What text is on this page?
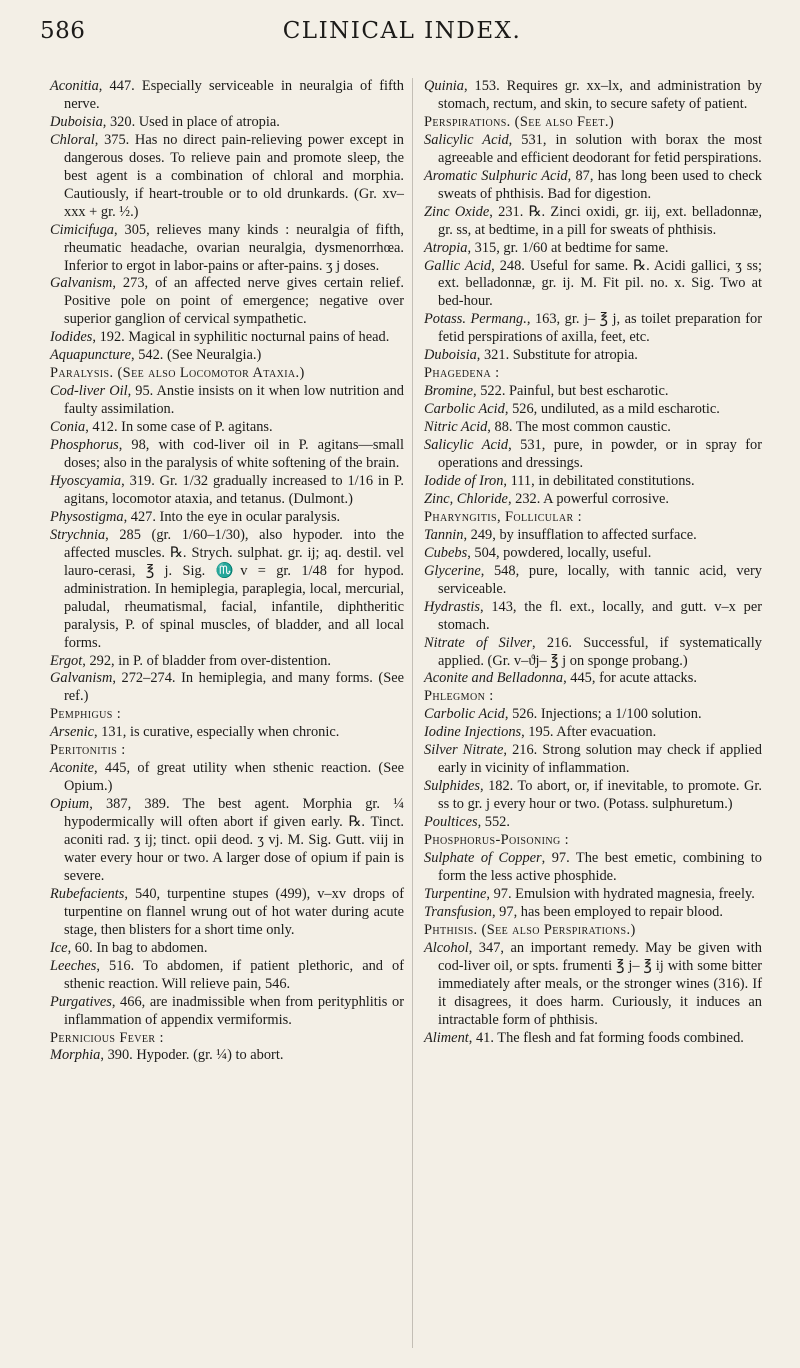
586	CLINICAL INDEX.

Aconitia, 447. Especially serviceable in neuralgia of fifth nerve.

Duboisia, 320. Used in place of atropia.

Chloral, 375. Has no direct pain-relieving power except in dangerous doses. To relieve pain and promote sleep, the best agent is a combination of chloral and morphia. Cautiously, if heart-trouble or to old drunkards. (Gr. xv–xxx + gr. ½.)

Cimicifuga, 305, relieves many kinds : neuralgia of fifth, rheumatic headache, ovarian neuralgia, dysmenorrhœa. Inferior to ergot in labor-pains or after-pains. ʒ j doses.

Galvanism, 273, of an affected nerve gives certain relief. Positive pole on point of emergence; negative over superior ganglion of cervical sympathetic.

Iodides, 192. Magical in syphilitic nocturnal pains of head.

Aquapuncture, 542. (See Neuralgia.)

Paralysis. (See also Locomotor Ataxia.)

Cod-liver Oil, 95. Anstie insists on it when low nutrition and faulty assimilation.

Conia, 412. In some case of P. agitans.

Phosphorus, 98, with cod-liver oil in P. agitans—small doses; also in the paralysis of white softening of the brain.

Hyoscyamia, 319. Gr. 1/32 gradually increased to 1/16 in P. agitans, locomotor ataxia, and tetanus. (Dulmont.)

Physostigma, 427. Into the eye in ocular paralysis.

Strychnia, 285 (gr. 1/60–1/30), also hypoder. into the affected muscles. ℞. Strych. sulphat. gr. ij; aq. destil. vel lauro-cerasi, ℥ j. Sig. ♏v = gr. 1/48 for hypod. administration. In hemiplegia, paraplegia, local, mercurial, paludal, rheumatismal, facial, infantile, diphtheritic paralysis, P. of spinal muscles, of bladder, and all local forms.

Ergot, 292, in P. of bladder from over-distention.

Galvanism, 272–274. In hemiplegia, and many forms. (See ref.)

Pemphigus :

Arsenic, 131, is curative, especially when chronic.

Peritonitis :

Aconite, 445, of great utility when sthenic reaction. (See Opium.)

Opium, 387, 389. The best agent. Morphia gr. ¼ hypodermically will often abort if given early. ℞. Tinct. aconiti rad. ʒ ij; tinct. opii deod. ʒ vj. M. Sig. Gutt. viij in water every hour or two. A larger dose of opium if pain is severe.

Rubefacients, 540, turpentine stupes (499), v–xv drops of turpentine on flannel wrung out of hot water during acute stage, then blisters for a short time only.

Ice, 60. In bag to abdomen.

Leeches, 516. To abdomen, if patient plethoric, and of sthenic reaction. Will relieve pain, 546.

Purgatives, 466, are inadmissible when from perityphlitis or inflammation of appendix vermiformis.

Pernicious Fever :

Morphia, 390. Hypoder. (gr. ¼) to abort.

Quinia, 153. Requires gr. xx–lx, and administration by stomach, rectum, and skin, to secure safety of patient.

Perspirations. (See also Feet.)

Salicylic Acid, 531, in solution with borax the most agreeable and efficient deodorant for fetid perspirations.

Aromatic Sulphuric Acid, 87, has long been used to check sweats of phthisis. Bad for digestion.

Zinc Oxide, 231. ℞. Zinci oxidi, gr. iij, ext. belladonnæ, gr. ss, at bedtime, in a pill for sweats of phthisis.

Atropia, 315, gr. 1/60 at bedtime for same.

Gallic Acid, 248. Useful for same. ℞. Acidi gallici, ʒ ss; ext. belladonnæ, gr. ij. M. Fit pil. no. x. Sig. Two at bed-hour.

Potass. Permang., 163, gr. j– ℥ j, as toilet preparation for fetid perspirations of axilla, feet, etc.

Duboisia, 321. Substitute for atropia.

Phagedena :

Bromine, 522. Painful, but best escharotic.

Carbolic Acid, 526, undiluted, as a mild escharotic.

Nitric Acid, 88. The most common caustic.

Salicylic Acid, 531, pure, in powder, or in spray for operations and dressings.

Iodide of Iron, 111, in debilitated constitutions.

Zinc, Chloride, 232. A powerful corrosive.

Pharyngitis, Follicular :

Tannin, 249, by insufflation to affected surface.

Cubebs, 504, powdered, locally, useful.

Glycerine, 548, pure, locally, with tannic acid, very serviceable.

Hydrastis, 143, the fl. ext., locally, and gutt. v–x per stomach.

Nitrate of Silver, 216. Successful, if systematically applied. (Gr. v–ϑj– ℥ j on sponge probang.)

Aconite and Belladonna, 445, for acute attacks.

Phlegmon :

Carbolic Acid, 526. Injections; a 1/100 solution.

Iodine Injections, 195. After evacuation.

Silver Nitrate, 216. Strong solution may check if applied early in vicinity of inflammation.

Sulphides, 182. To abort, or, if inevitable, to promote. Gr. ss to gr. j every hour or two. (Potass. sulphuretum.)

Poultices, 552.

Phosphorus-Poisoning :

Sulphate of Copper, 97. The best emetic, combining to form the less active phosphide.

Turpentine, 97. Emulsion with hydrated magnesia, freely.

Transfusion, 97, has been employed to repair blood.

Phthisis. (See also Perspirations.)

Alcohol, 347, an important remedy. May be given with cod-liver oil, or spts. frumenti ℥ j– ℥ ij with some bitter immediately after meals, or the stronger wines (316). If it disagrees, it does harm. Curiously, it induces an intractable form of phthisis.

Aliment, 41. The flesh and fat forming foods combined.
